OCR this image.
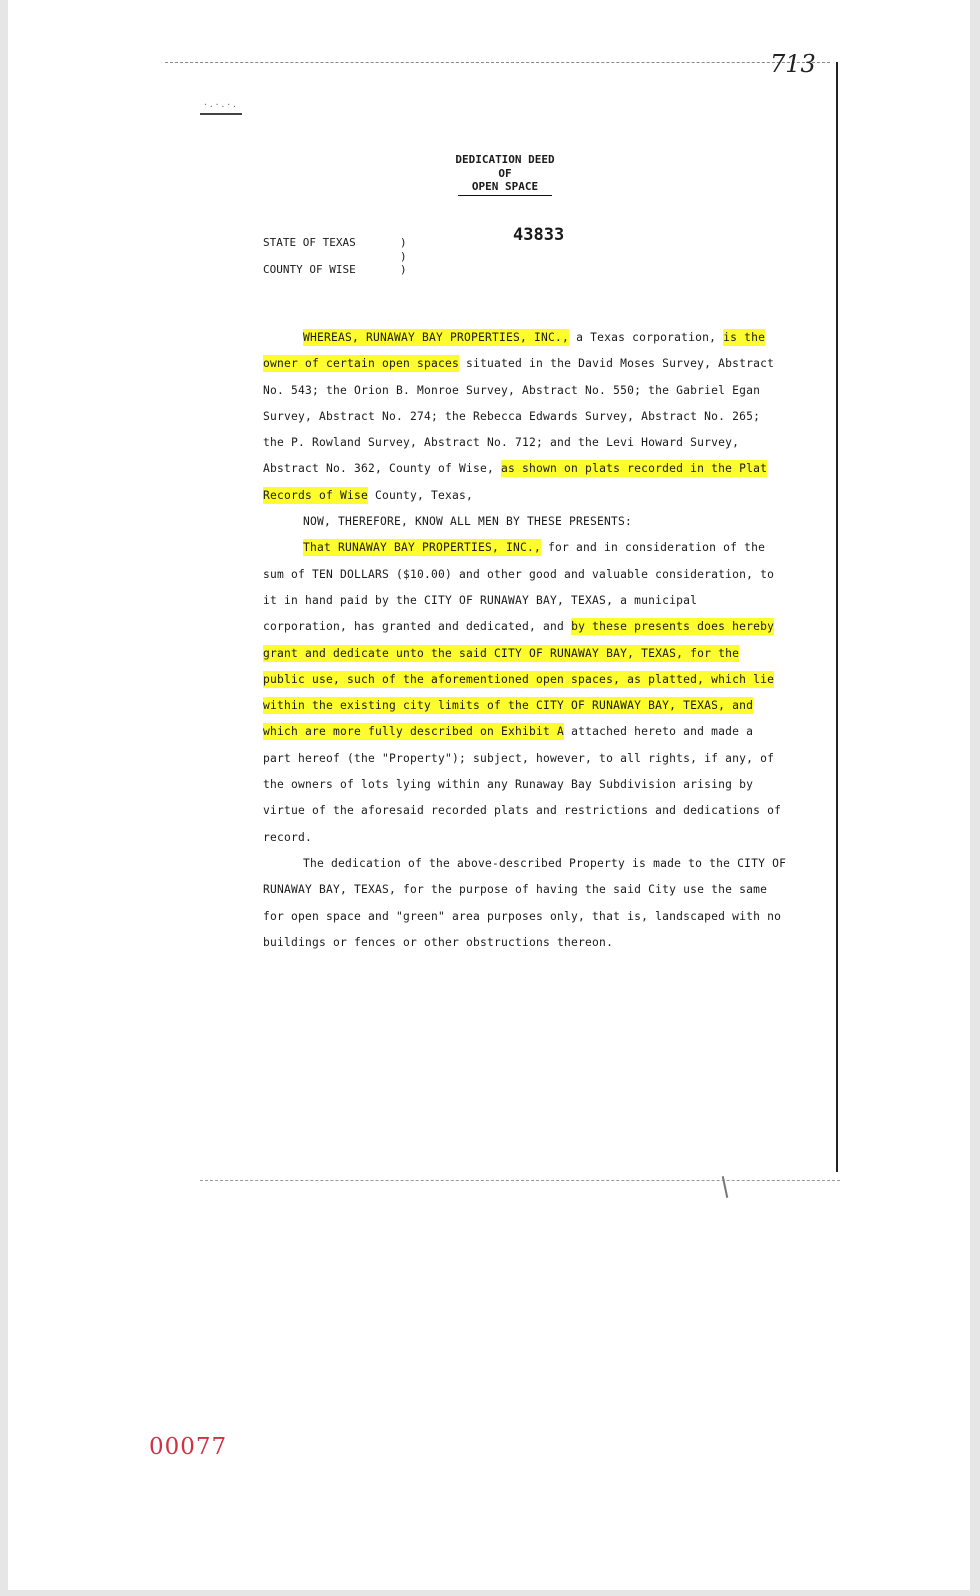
·.·.·.
713
DEDICATION DEED
OF
OPEN SPACE
43833
STATE OF TEXAS	)
)

COUNTY OF WISE	)

WHEREAS, RUNAWAY BAY PROPERTIES, INC., a Texas corporation, is the owner of certain open spaces situated in the David Moses Survey, Abstract No. 543; the Orion B. Monroe Survey, Abstract No. 550; the Gabriel Egan Survey, Abstract No. 274; the Rebecca Edwards Survey, Abstract No. 265; the P. Rowland Survey, Abstract No. 712; and the Levi Howard Survey, Abstract No. 362, County of Wise, as shown on plats recorded in the Plat Records of Wise County, Texas,

NOW, THEREFORE, KNOW ALL MEN BY THESE PRESENTS:

That RUNAWAY BAY PROPERTIES, INC., for and in consideration of the sum of TEN DOLLARS ($10.00) and other good and valuable consideration, to it in hand paid by the CITY OF RUNAWAY BAY, TEXAS, a municipal corporation, has granted and dedicated, and by these presents does hereby grant and dedicate unto the said CITY OF RUNAWAY BAY, TEXAS, for the public use, such of the aforementioned open spaces, as platted, which lie within the existing city limits of the CITY OF RUNAWAY BAY, TEXAS, and which are more fully described on Exhibit A attached hereto and made a part hereof (the "Property"); subject, however, to all rights, if any, of the owners of lots lying within any Runaway Bay Subdivision arising by virtue of the aforesaid recorded plats and restrictions and dedications of record.

The dedication of the above-described Property is made to the CITY OF RUNAWAY BAY, TEXAS, for the purpose of having the said City use the same for open space and "green" area purposes only, that is, landscaped with no buildings or fences or other obstructions thereon.

00077
